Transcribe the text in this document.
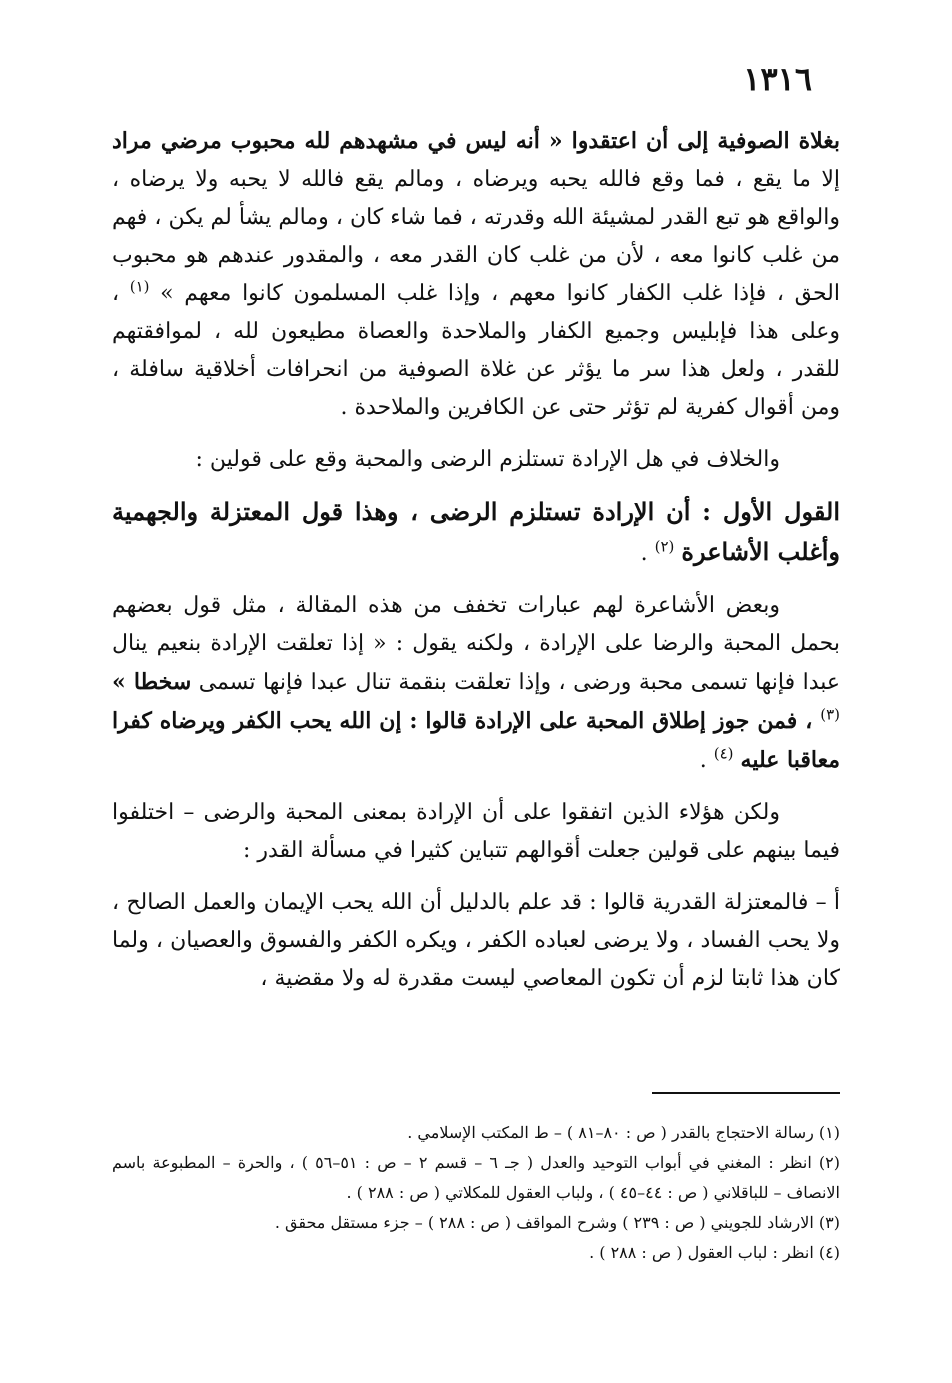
١٣١٦

بغلاة الصوفية إلى أن اعتقدوا « أنه ليس في مشهدهم لله محبوب مرضي مراد إلا ما يقع ، فما وقع فالله يحبه ويرضاه ، ومالم يقع فالله لا يحبه ولا يرضاه ، والواقع هو تبع القدر لمشيئة الله وقدرته ، فما شاء كان ، ومالم يشأ لم يكن ، فهم من غلب كانوا معه ، لأن من غلب كان القدر معه ، والمقدور عندهم هو محبوب الحق ، فإذا غلب الكفار كانوا معهم ، وإذا غلب المسلمون كانوا معهم » $^{(١)}$ ، وعلى هذا فإبليس وجميع الكفار والملاحدة والعصاة مطيعون لله ، لموافقتهم للقدر ، ولعل هذا سر ما يؤثر عن غلاة الصوفية من انحرافات أخلاقية سافلة ، ومن أقوال كفرية لم تؤثر حتى عن الكافرين والملاحدة .

والخلاف في هل الإرادة تستلزم الرضى والمحبة وقع على قولين :

القول الأول : أن الإرادة تستلزم الرضى ، وهذا قول المعتزلة والجهمية وأغلب الأشاعرة $^{(٢)}$ .

وبعض الأشاعرة لهم عبارات تخفف من هذه المقالة ، مثل قول بعضهم بحمل المحبة والرضا على الإرادة ، ولكنه يقول : « إذا تعلقت الإرادة بنعيم ينال عبدا فإنها تسمى محبة ورضى ، وإذا تعلقت بنقمة تنال عبدا فإنها تسمى سخطا » $^{(٣)}$ ، فمن جوز إطلاق المحبة على الإرادة قالوا : إن الله يحب الكفر ويرضاه كفرا معاقبا عليه $^{(٤)}$ .

ولكن هؤلاء الذين اتفقوا على أن الإرادة بمعنى المحبة والرضى – اختلفوا فيما بينهم على قولين جعلت أقوالهم تتباين كثيرا في مسألة القدر :

أ – فالمعتزلة القدرية قالوا : قد علم بالدليل أن الله يحب الإيمان والعمل الصالح ، ولا يحب الفساد ، ولا يرضى لعباده الكفر ، ويكره الكفر والفسوق والعصيان ، ولما كان هذا ثابتا لزم أن تكون المعاصي ليست مقدرة له ولا مقضية ،

(١) رسالة الاحتجاج بالقدر ( ص : ٨٠–٨١ ) – ط المكتب الإسلامي .

(٢) انظر : المغني في أبواب التوحيد والعدل ( جـ ٦ – قسم ٢ – ص : ٥١–٥٦ ) ، والحرة – المطبوعة باسم الانصاف – للباقلاني ( ص : ٤٤–٤٥ ) ، ولباب العقول للمكلاتي ( ص : ٢٨٨ ) .

(٣) الارشاد للجويني ( ص : ٢٣٩ ) وشرح المواقف ( ص : ٢٨٨ ) – جزء مستقل محقق .

(٤) انظر : لباب العقول ( ص : ٢٨٨ ) .
